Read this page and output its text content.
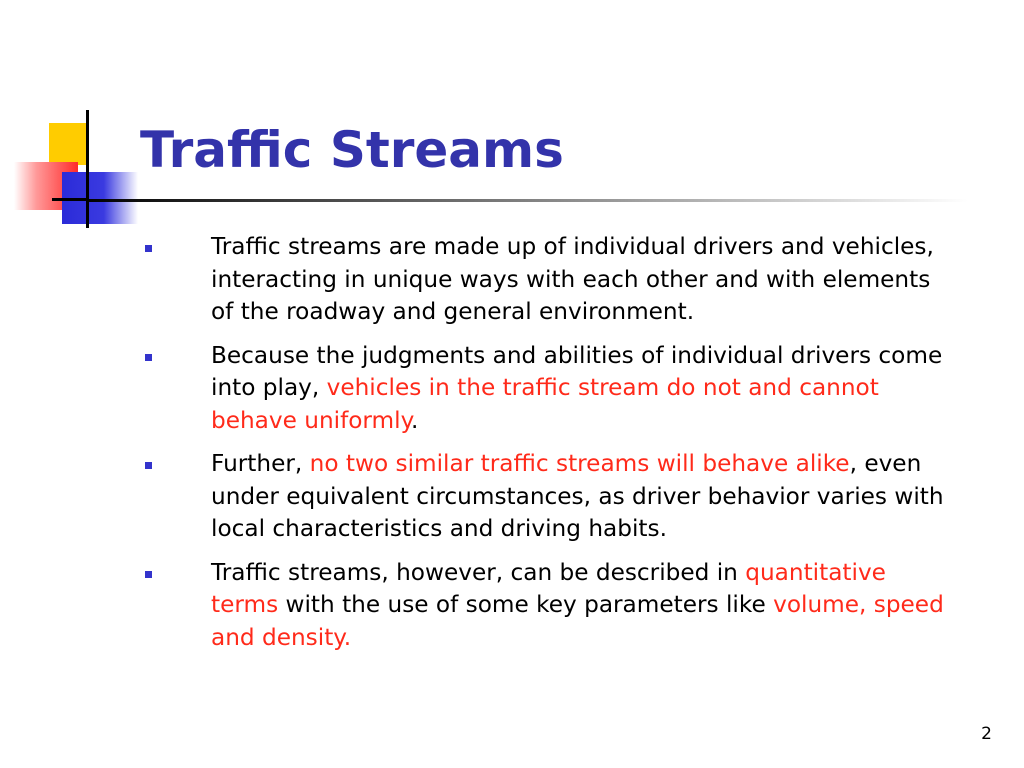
Traffic Streams
Traffic streams are made up of individual drivers and vehicles, interacting in unique ways with each other and with elements of the roadway and general environment.
Because the judgments and abilities of individual drivers come into play, vehicles in the traffic stream do not and cannot behave uniformly.
Further, no two similar traffic streams will behave alike, even under equivalent circumstances, as driver behavior varies with local characteristics and driving habits.
Traffic streams, however, can be described in quantitative terms with the use of some key parameters like volume, speed and density.
2
